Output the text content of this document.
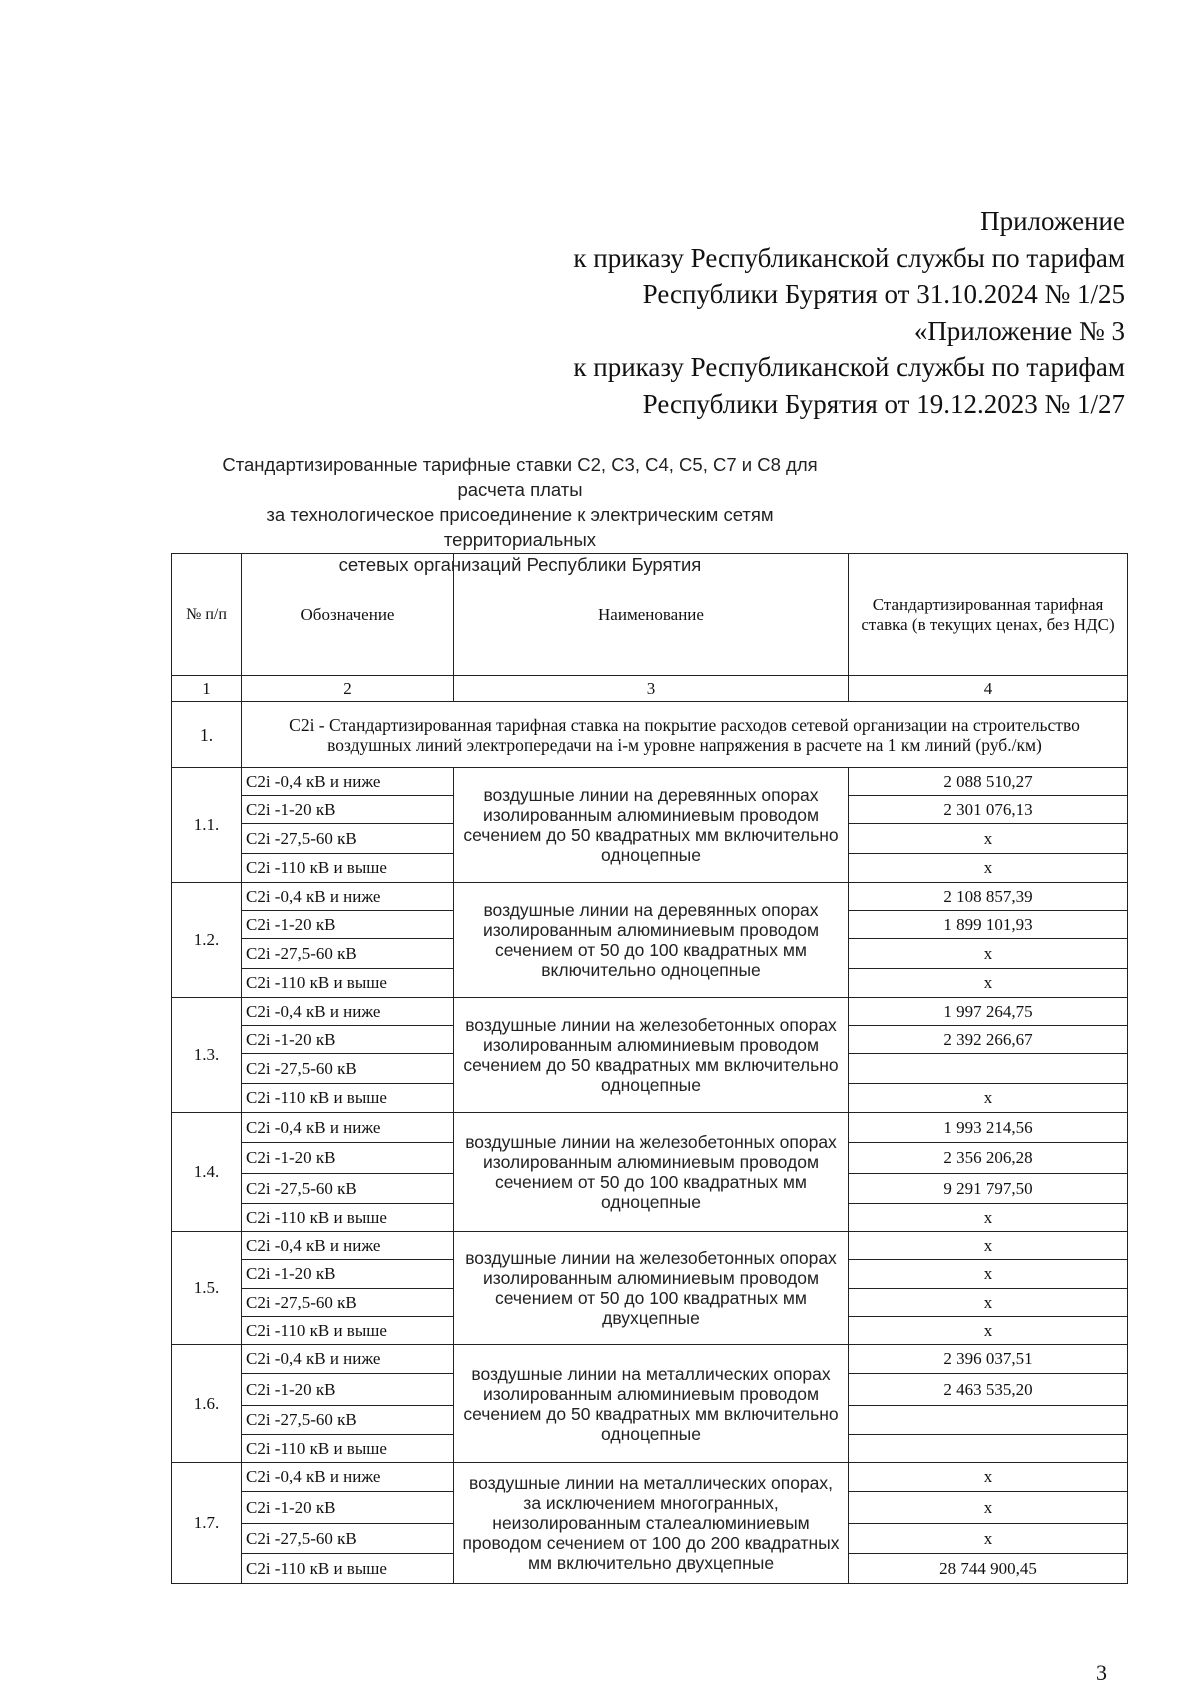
Приложение
к приказу Республиканской службы по тарифам
Республики Бурятия от 31.10.2024 № 1/25
«Приложение № 3
к приказу Республиканской службы по тарифам
Республики Бурятия от 19.12.2023 № 1/27
Стандартизированные тарифные ставки С2, С3, С4, С5, С7 и С8 для расчета платы
за технологическое присоединение к электрическим сетям территориальных
сетевых организаций Республики Бурятия
№ п/п	Обозначение	Наименование	Стандартизированная тарифная ставка (в текущих ценах, без НДС)
1	2	3	4
1.	С2i - Стандартизированная тарифная ставка на покрытие расходов сетевой организации на строительство воздушных линий электропередачи на i-м уровне напряжения в расчете на 1 км линий (руб./км)		
1.1.	С2i -0,4 кВ и ниже	воздушные линии на деревянных опорах изолированным алюминиевым проводом сечением до 50 квадратных мм включительно одноцепные	2 088 510,27
	С2i -1-20 кВ		2 301 076,13
	С2i -27,5-60 кВ		x
	С2i -110 кВ и выше		x
1.2.	С2i -0,4 кВ и ниже	воздушные линии на деревянных опорах изолированным алюминиевым проводом сечением от 50 до 100 квадратных мм включительно одноцепные	2 108 857,39
	С2i -1-20 кВ		1 899 101,93
	С2i -27,5-60 кВ		x
	С2i -110 кВ и выше		x
1.3.	С2i -0,4 кВ и ниже	воздушные линии на железобетонных опорах изолированным алюминиевым проводом сечением до 50 квадратных мм включительно одноцепные	1 997 264,75
	С2i -1-20 кВ		2 392 266,67
	С2i -27,5-60 кВ		
	С2i -110 кВ и выше		x
1.4.	С2i -0,4 кВ и ниже	воздушные линии на железобетонных опорах изолированным алюминиевым проводом сечением от 50 до 100 квадратных мм одноцепные	1 993 214,56
	С2i -1-20 кВ		2 356 206,28
	С2i -27,5-60 кВ		9 291 797,50
	С2i -110 кВ и выше		x
1.5.	С2i -0,4 кВ и ниже	воздушные линии на железобетонных опорах изолированным алюминиевым проводом сечением от 50 до 100 квадратных мм двухцепные	x
	С2i -1-20 кВ		x
	С2i -27,5-60 кВ		x
	С2i -110 кВ и выше		x
1.6.	С2i -0,4 кВ и ниже	воздушные линии на металлических опорах изолированным алюминиевым проводом сечением до 50 квадратных мм включительно одноцепные	2 396 037,51
	С2i -1-20 кВ		2 463 535,20
	С2i -27,5-60 кВ		
	С2i -110 кВ и выше		
1.7.	С2i -0,4 кВ и ниже	воздушные линии на металлических опорах, за исключением многогранных, неизолированным сталеалюминиевым проводом сечением от 100 до 200 квадратных мм включительно двухцепные	x
	С2i -1-20 кВ		x
	С2i -27,5-60 кВ		x
	С2i -110 кВ и выше		28 744 900,45
3
